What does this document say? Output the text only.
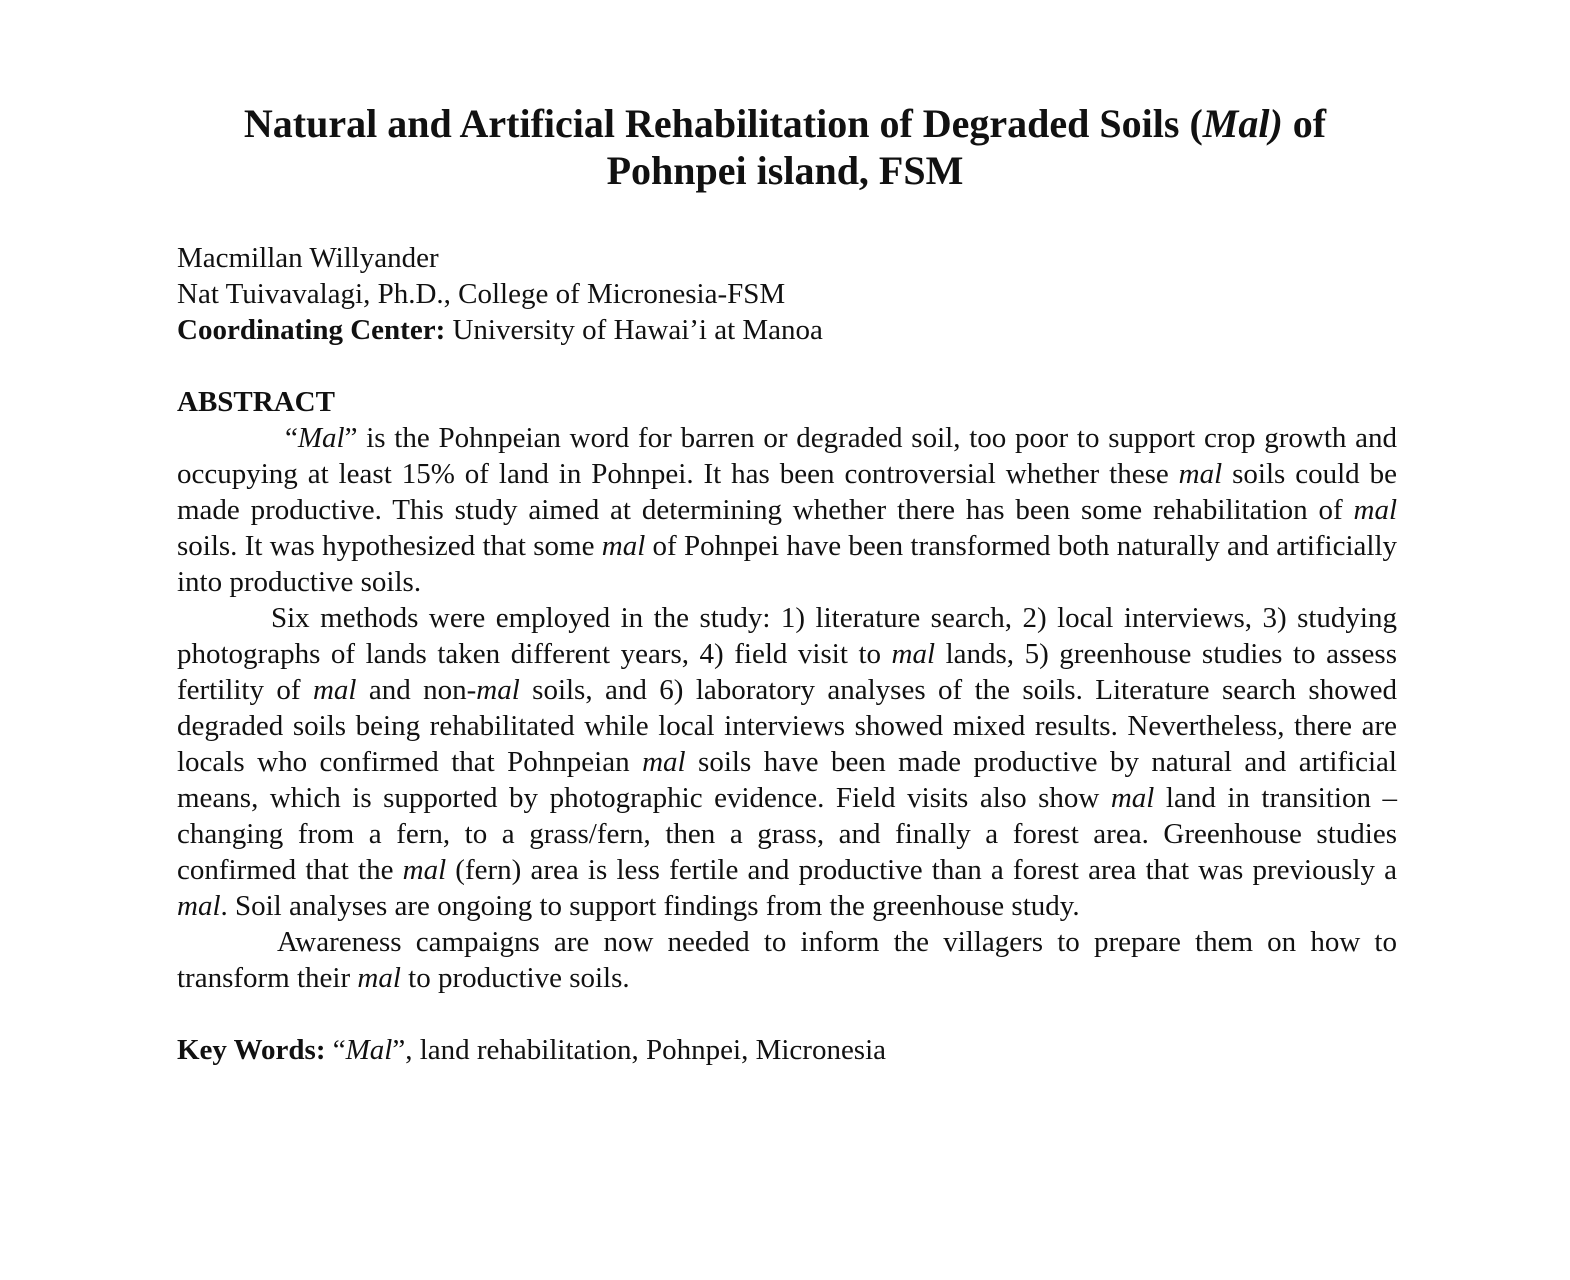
Natural and Artificial Rehabilitation of Degraded Soils (Mal) of
Pohnpei island, FSM
Macmillan Willyander
Nat Tuivavalagi, Ph.D., College of Micronesia-FSM
Coordinating Center: University of Hawai’i at Manoa
ABSTRACT

“Mal” is the Pohnpeian word for barren or degraded soil, too poor to support crop growth and occupying at least 15% of land in Pohnpei. It has been controversial whether these mal soils could be made productive. This study aimed at determining whether there has been some rehabilitation of mal soils. It was hypothesized that some mal of Pohnpei have been transformed both naturally and artificially into productive soils.

Six methods were employed in the study: 1) literature search, 2) local interviews, 3) studying photographs of lands taken different years, 4) field visit to mal lands, 5) greenhouse studies to assess fertility of mal and non-mal soils, and 6) laboratory analyses of the soils. Literature search showed degraded soils being rehabilitated while local interviews showed mixed results. Nevertheless, there are locals who confirmed that Pohnpeian mal soils have been made productive by natural and artificial means, which is supported by photographic evidence. Field visits also show mal land in transition – changing from a fern, to a grass/fern, then a grass, and finally a forest area. Greenhouse studies confirmed that the mal (fern) area is less fertile and productive than a forest area that was previously a mal. Soil analyses are ongoing to support findings from the greenhouse study.

Awareness campaigns are now needed to inform the villagers to prepare them on how to transform their mal to productive soils.

Key Words: “Mal”, land rehabilitation, Pohnpei, Micronesia
